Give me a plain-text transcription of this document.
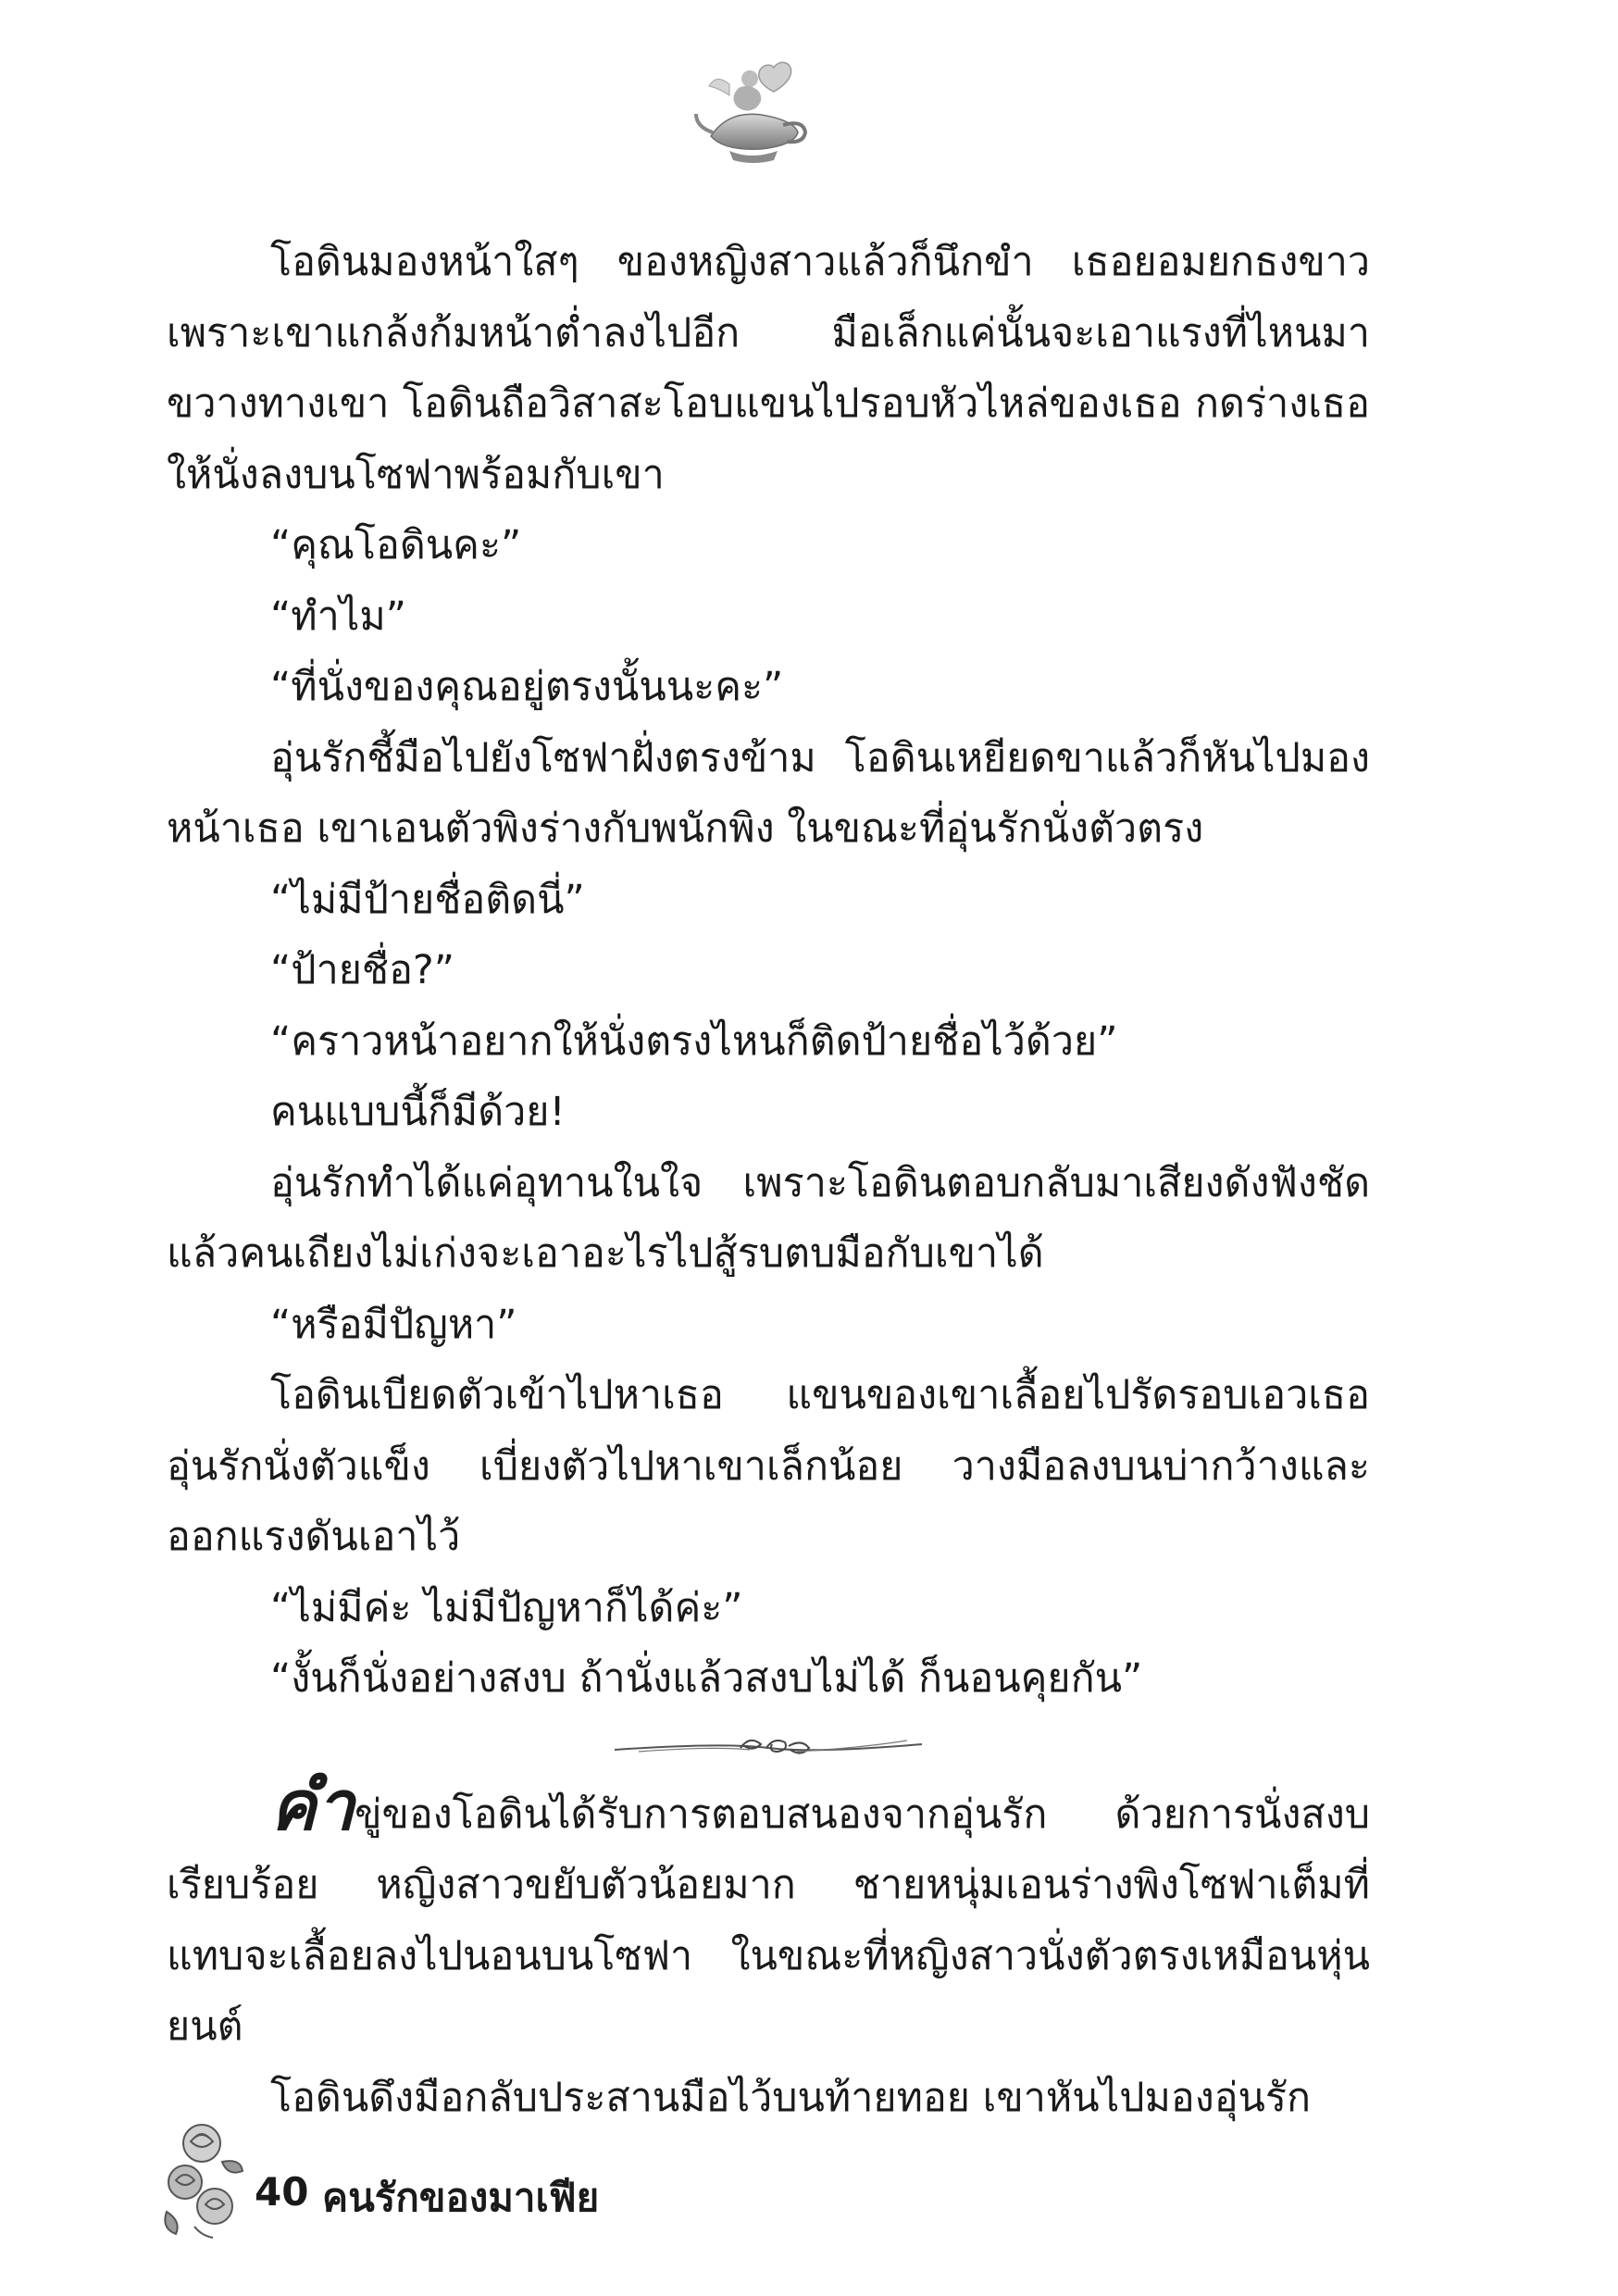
โอดินมองหน้าใสๆ ของหญิงสาวแล้วก็นึกขำ เธอยอมยกธงขาว เพราะเขาแกล้งก้มหน้าต่ำลงไปอีก มือเล็กแค่นั้นจะเอาแรงที่ไหนมาขวางทางเขา โอดินถือวิสาสะโอบแขนไปรอบหัวไหล่ของเธอ กดร่างเธอให้นั่งลงบนโซฟาพร้อมกับเขา

“คุณโอดินคะ”

“ทำไม”

“ที่นั่งของคุณอยู่ตรงนั้นนะคะ”

อุ่นรักชี้มือไปยังโซฟาฝั่งตรงข้าม โอดินเหยียดขาแล้วก็หันไปมองหน้าเธอ เขาเอนตัวพิงร่างกับพนักพิง ในขณะที่อุ่นรักนั่งตัวตรง

“ไม่มีป้ายชื่อติดนี่”

“ป้ายชื่อ?”

“คราวหน้าอยากให้นั่งตรงไหนก็ติดป้ายชื่อไว้ด้วย”

คนแบบนี้ก็มีด้วย!

อุ่นรักทำได้แค่อุทานในใจ เพราะโอดินตอบกลับมาเสียงดังฟังชัดแล้วคนเถียงไม่เก่งจะเอาอะไรไปสู้รบตบมือกับเขาได้

“หรือมีปัญหา”

โอดินเบียดตัวเข้าไปหาเธอ แขนของเขาเลื้อยไปรัดรอบเอวเธอ อุ่นรักนั่งตัวแข็ง เบี่ยงตัวไปหาเขาเล็กน้อย วางมือลงบนบ่ากว้างและออกแรงดันเอาไว้

“ไม่มีค่ะ ไม่มีปัญหาก็ได้ค่ะ”

“งั้นก็นั่งอย่างสงบ ถ้านั่งแล้วสงบไม่ได้ ก็นอนคุยกัน”

คำขู่ของโอดินได้รับการตอบสนองจากอุ่นรัก ด้วยการนั่งสงบเรียบร้อย หญิงสาวขยับตัวน้อยมาก ชายหนุ่มเอนร่างพิงโซฟาเต็มที่ แทบจะเลื้อยลงไปนอนบนโซฟา ในขณะที่หญิงสาวนั่งตัวตรงเหมือนหุ่นยนต์

โอดินดึงมือกลับประสานมือไว้บนท้ายทอย เขาหันไปมองอุ่นรัก

40 คนรักของมาเฟีย
